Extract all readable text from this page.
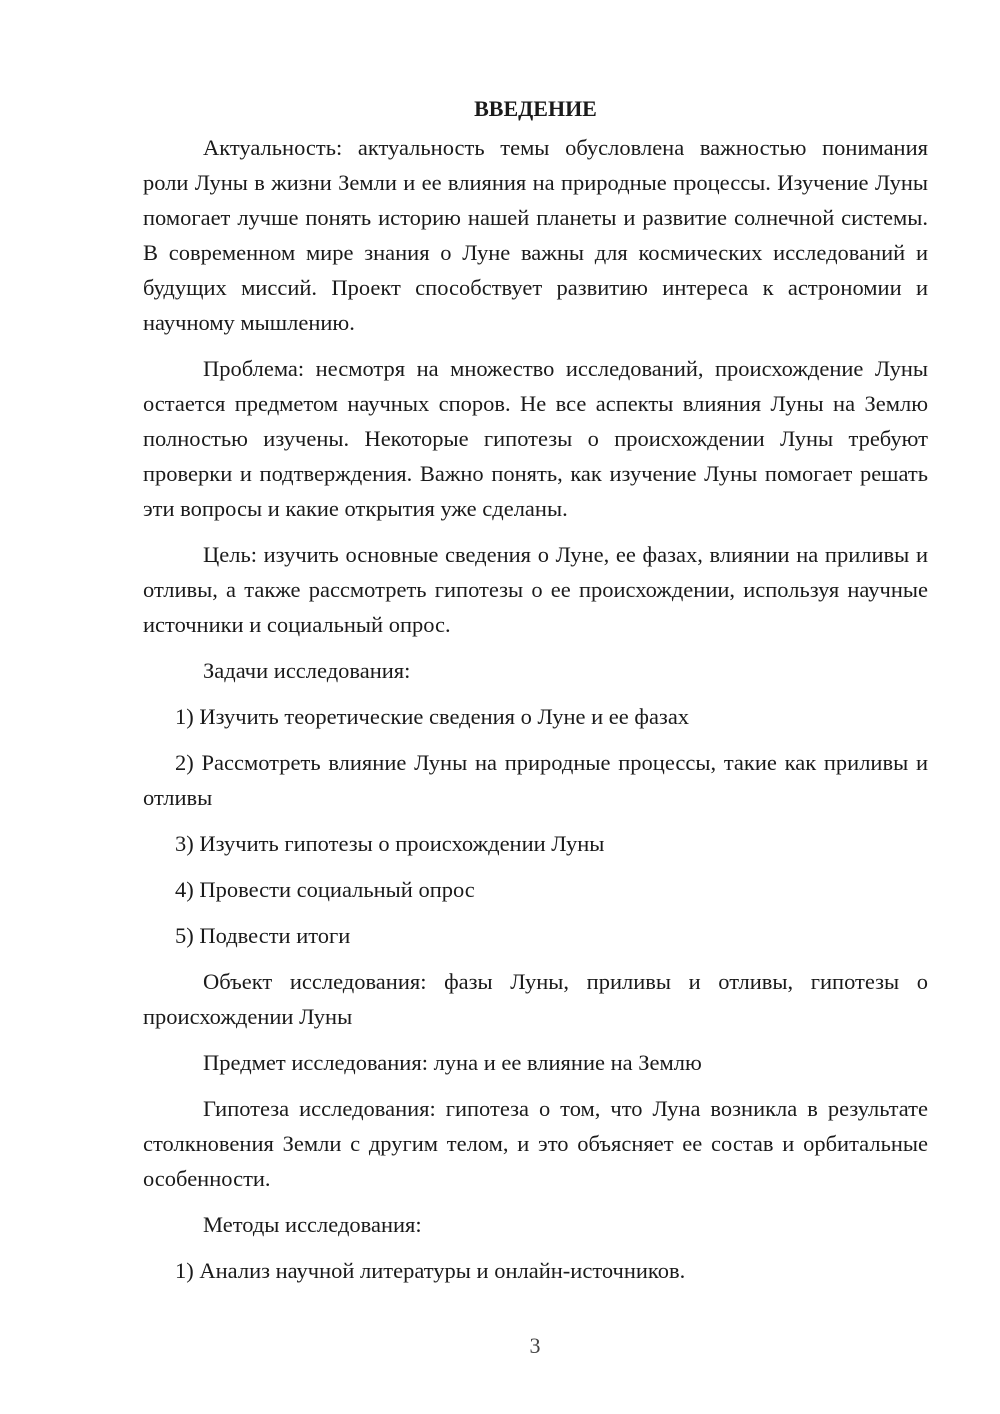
ВВЕДЕНИЕ
Актуальность: актуальность темы обусловлена важностью понимания роли Луны в жизни Земли и ее влияния на природные процессы. Изучение Луны помогает лучше понять историю нашей планеты и развитие солнечной системы. В современном мире знания о Луне важны для космических исследований и будущих миссий. Проект способствует развитию интереса к астрономии и научному мышлению.
Проблема: несмотря на множество исследований, происхождение Луны остается предметом научных споров. Не все аспекты влияния Луны на Землю полностью изучены. Некоторые гипотезы о происхождении Луны требуют проверки и подтверждения. Важно понять, как изучение Луны помогает решать эти вопросы и какие открытия уже сделаны.
Цель: изучить основные сведения о Луне, ее фазах, влиянии на приливы и отливы, а также рассмотреть гипотезы о ее происхождении, используя научные источники и социальный опрос.
Задачи исследования:
1) Изучить теоретические сведения о Луне и ее фазах
2) Рассмотреть влияние Луны на природные процессы, такие как приливы и отливы
3) Изучить гипотезы о происхождении Луны
4) Провести социальный опрос
5) Подвести итоги
Объект исследования: фазы Луны, приливы и отливы, гипотезы о происхождении Луны
Предмет исследования: луна и ее влияние на Землю
Гипотеза исследования: гипотеза о том, что Луна возникла в результате столкновения Земли с другим телом, и это объясняет ее состав и орбитальные особенности.
Методы исследования:
1) Анализ научной литературы и онлайн-источников.
3
